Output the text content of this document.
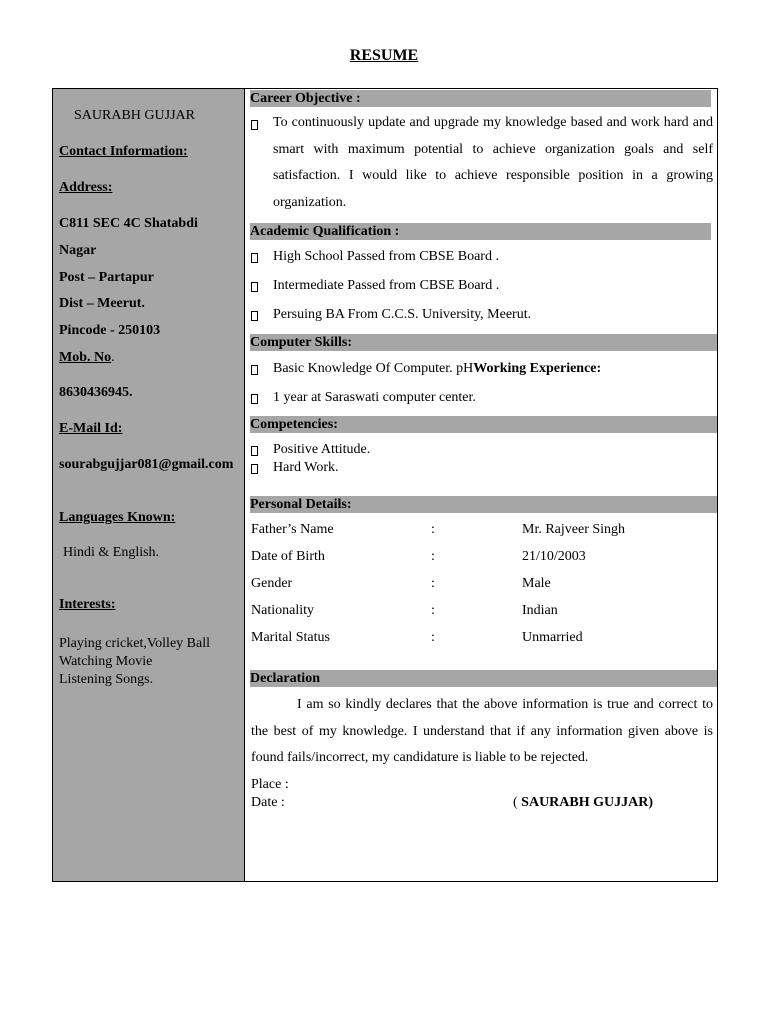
RESUME
SAURABH GUJJAR
Contact Information:
Address:
C811 SEC 4C Shatabdi
Nagar
Post – Partapur
Dist – Meerut.
Pincode - 250103
Mob. No.
8630436945.
E-Mail Id:
sourabgujjar081@gmail.com
Languages Known:
Hindi & English.
Interests:
Playing cricket,Volley Ball
Watching Movie
Listening Songs.
Career Objective :
To continuously update and upgrade my knowledge based and work hard and smart with maximum potential to achieve organization goals and self satisfaction. I would like to achieve responsible position in a growing organization.
Academic Qualification :
High School Passed from CBSE Board .
Intermediate Passed from CBSE Board .
Persuing BA From C.C.S. University, Meerut.
Computer Skills:
Basic Knowledge Of Computer. pHWorking Experience:
1 year at Saraswati computer center.
Competencies:
Positive Attitude.
Hard Work.
Personal Details:
Father’s Name	:	Mr. Rajveer Singh
Date of Birth	:	21/10/2003
Gender	:	Male
Nationality	:	Indian
Marital Status	:	Unmarried
Declaration
I am so kindly declares that the above information is true and correct to the best of my knowledge. I understand that if any information given above is found fails/incorrect, my candidature is liable to be rejected.
Place :
Date :	( SAURABH GUJJAR)
